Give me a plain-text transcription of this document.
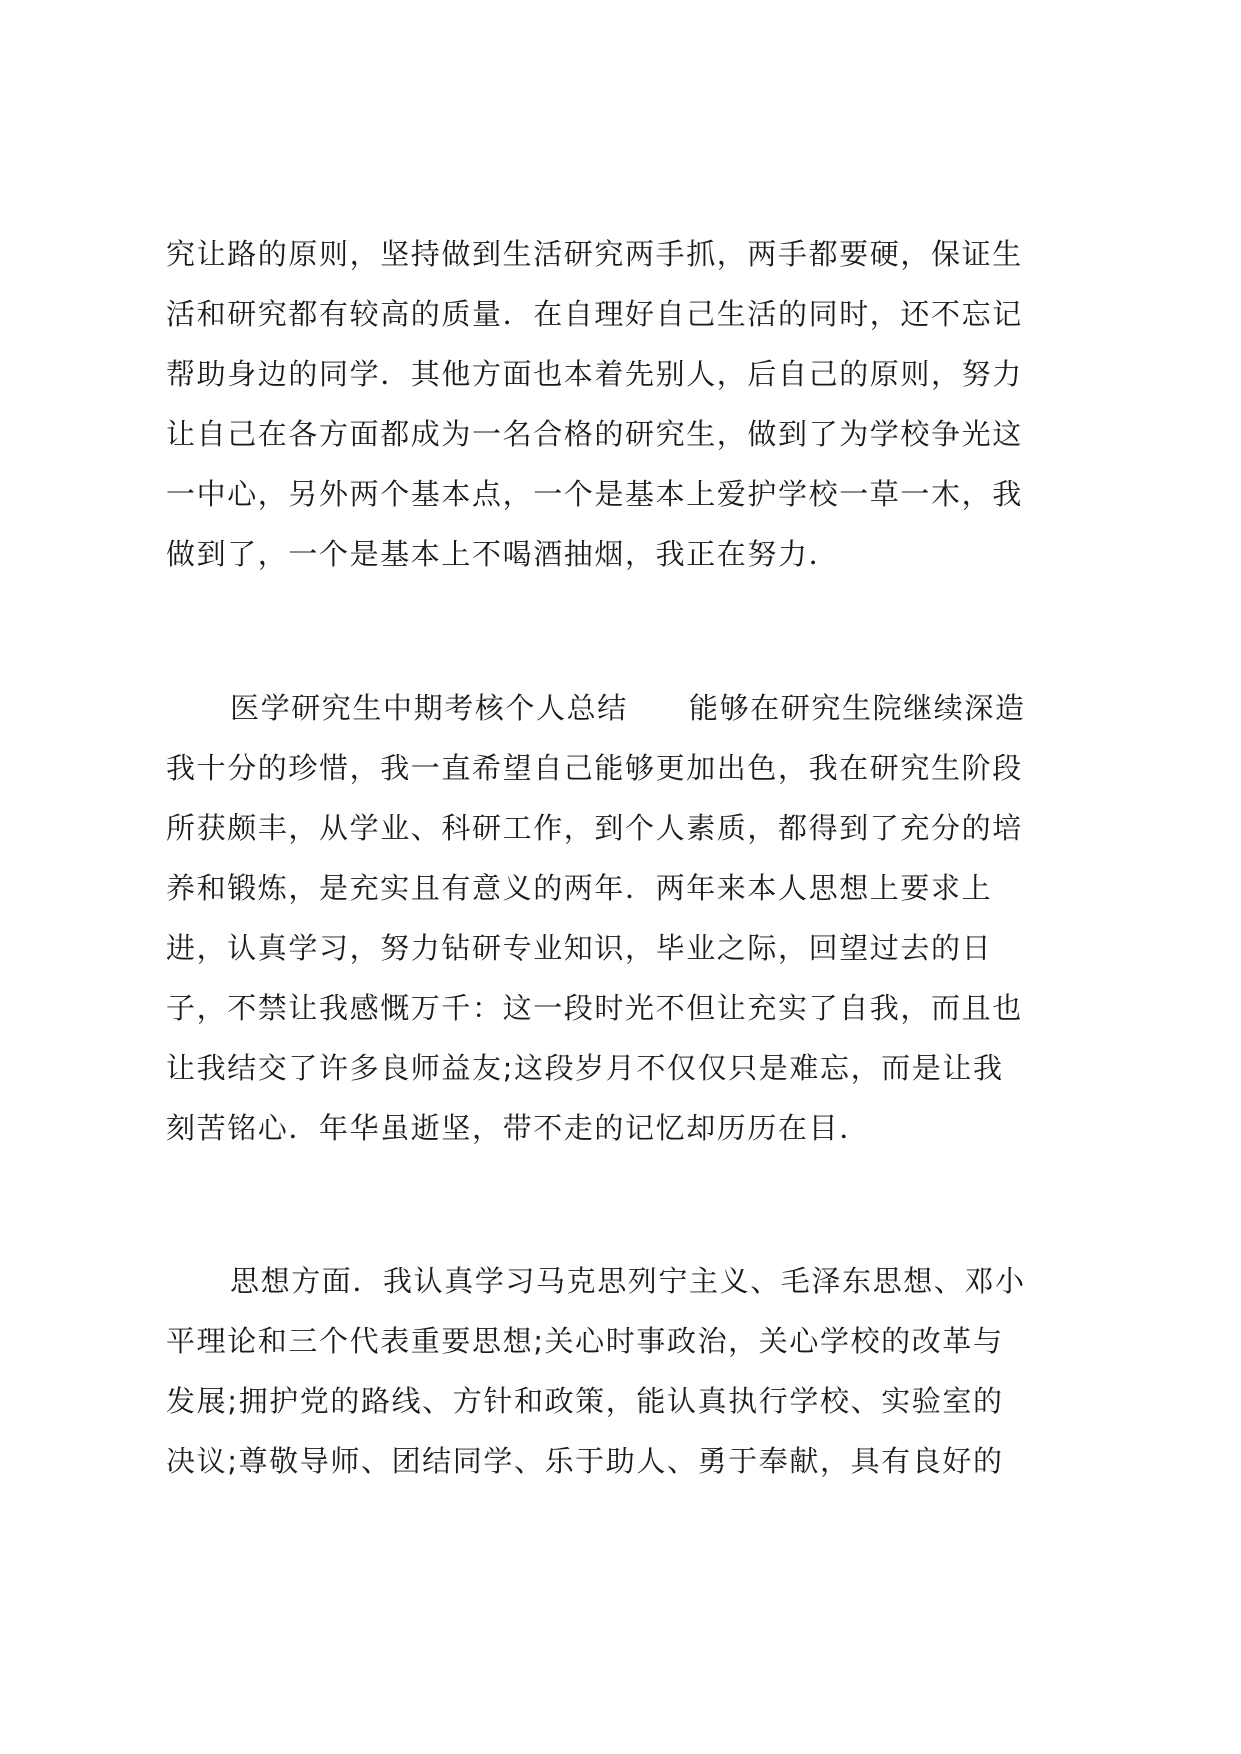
究让路的原则，坚持做到生活研究两手抓，两手都要硬，保证生
活和研究都有较高的质量．在自理好自己生活的同时，还不忘记
帮助身边的同学．其他方面也本着先别人，后自己的原则，努力
让自己在各方面都成为一名合格的研究生，做到了为学校争光这
一中心，另外两个基本点，一个是基本上爱护学校一草一木，我
做到了，一个是基本上不喝酒抽烟，我正在努力．
医学研究生中期考核个人总结　　能够在研究生院继续深造
我十分的珍惜，我一直希望自己能够更加出色，我在研究生阶段
所获颇丰，从学业、科研工作，到个人素质，都得到了充分的培
养和锻炼，是充实且有意义的两年．两年来本人思想上要求上
进，认真学习，努力钻研专业知识，毕业之际，回望过去的日
子，不禁让我感慨万千：这一段时光不但让充实了自我，而且也
让我结交了许多良师益友;这段岁月不仅仅只是难忘，而是让我
刻苦铭心．年华虽逝坚，带不走的记忆却历历在目．
思想方面．我认真学习马克思列宁主义、毛泽东思想、邓小
平理论和三个代表重要思想;关心时事政治，关心学校的改革与
发展;拥护党的路线、方针和政策，能认真执行学校、实验室的
决议;尊敬导师、团结同学、乐于助人、勇于奉献，具有良好的
